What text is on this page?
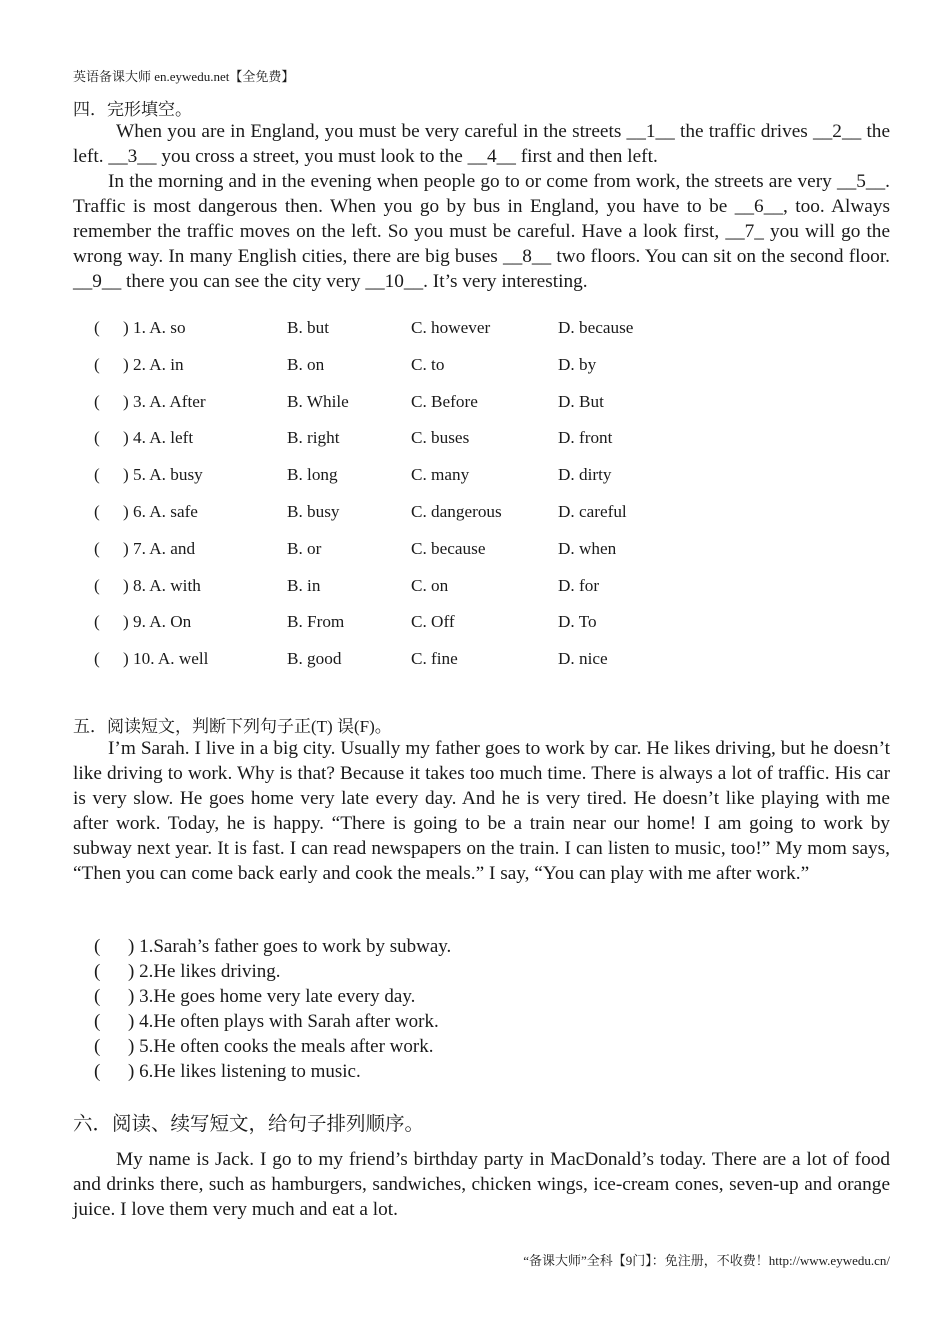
英语备课大师 en.eywedu.net【全免费】
四．完形填空。
When you are in England, you must be very careful in the streets __1__ the traffic drives __2__ the left. __3__ you cross a street, you must look to the __4__ first and then left.
In the morning and in the evening when people go to or come from work, the streets are very __5__. Traffic is most dangerous then. When you go by bus in England, you have to be __6__, too. Always remember the traffic moves on the left. So you must be careful. Have a look first, __7_ you will go the wrong way. In many English cities, there are big buses __8__ two floors. You can sit on the second floor. __9__ there you can see the city very __10__. It’s very interesting.
( ) 1. A. so	B. but	C. however	D. because
( ) 2. A. in	B. on	C. to	D. by
( ) 3. A. After	B. While	C. Before	D. But
( ) 4. A. left	B. right	C. buses	D. front
( ) 5. A. busy	B. long	C. many	D. dirty
( ) 6. A. safe	B. busy	C. dangerous	D. careful
( ) 7. A. and	B. or	C. because	D. when
( ) 8. A. with	B. in	C. on	D. for
( ) 9. A. On	B. From	C. Off	D. To
( ) 10. A. well	B. good	C. fine	D. nice
五．阅读短文，判断下列句子正(T) 误(F)。
I’m Sarah. I live in a big city. Usually my father goes to work by car. He likes driving, but he doesn’t like driving to work. Why is that? Because it takes too much time. There is always a lot of traffic. His car is very slow. He goes home very late every day. And he is very tired. He doesn’t like playing with me after work. Today, he is happy. “There is going to be a train near our home! I am going to work by subway next year. It is fast. I can read newspapers on the train. I can listen to music, too!” My mom says, “Then you can come back early and cook the meals.” I say, “You can play with me after work.”
( ) 1.Sarah’s father goes to work by subway.
( ) 2.He likes driving.
( ) 3.He goes home very late every day.
( ) 4.He often plays with Sarah after work.
( ) 5.He often cooks the meals after work.
( ) 6.He likes listening to music.
六．阅读、续写短文，给句子排列顺序。
My name is Jack. I go to my friend’s birthday party in MacDonald’s today. There are a lot of food and drinks there, such as hamburgers, sandwiches, chicken wings, ice-cream cones, seven-up and orange juice. I love them very much and eat a lot.
“备课大师”全科【9门】：免注册，不收费！http://www.eywedu.cn/
